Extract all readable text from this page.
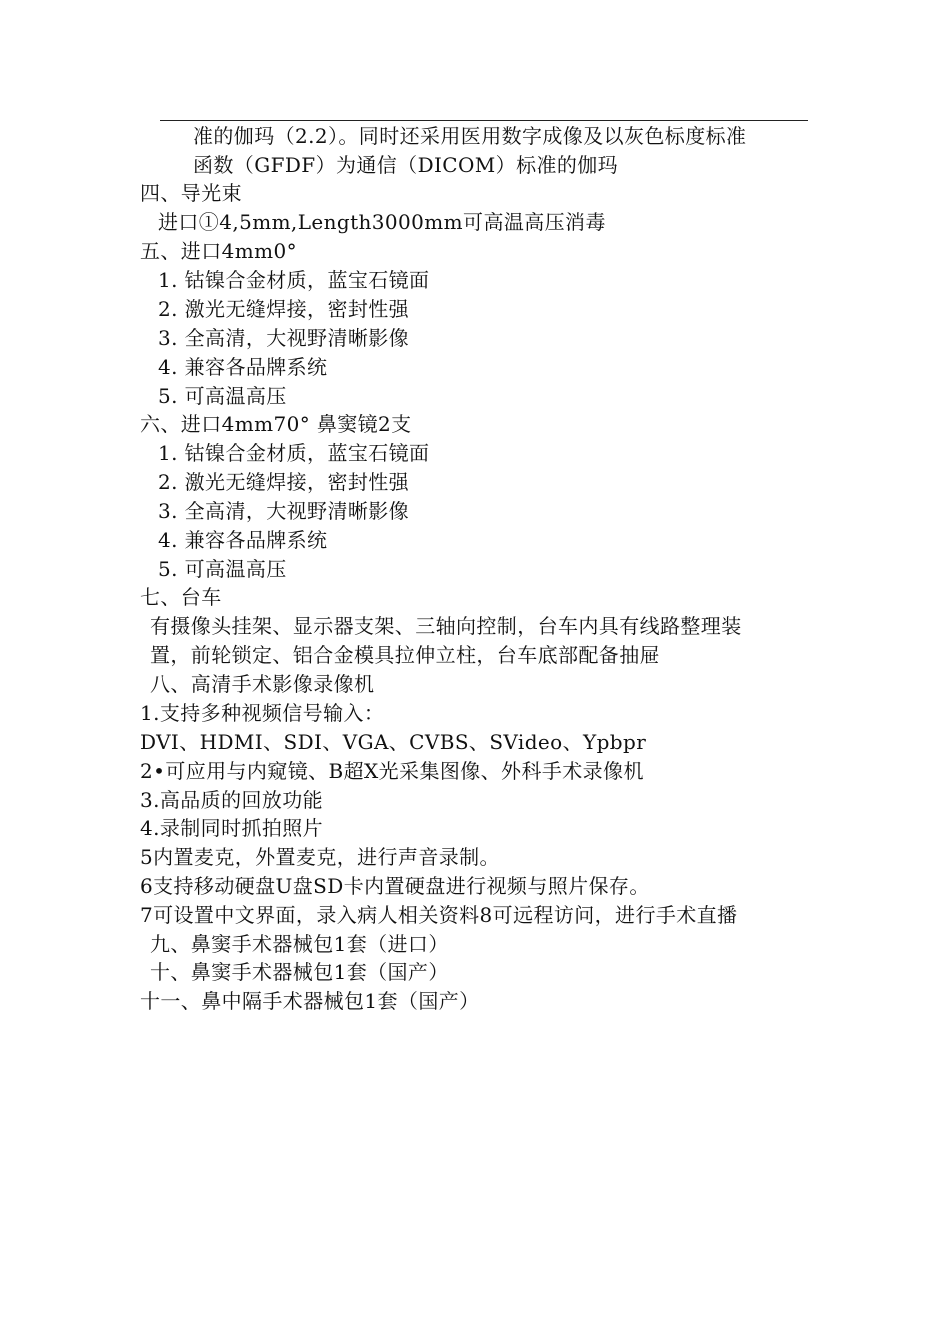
准的伽玛（2.2）。同时还采用医用数字成像及以灰色标度标准
函数（GFDF）为通信（DICOM）标准的伽玛
四、导光束
进口①4,5mm,Length3000mm可高温高压消毒
五、进口4mm0°
1. 钴镍合金材质，蓝宝石镜面
2. 激光无缝焊接，密封性强
3. 全高清，大视野清晰影像
4. 兼容各品牌系统
5. 可高温高压
六、进口4mm70° 鼻窦镜2支
1. 钴镍合金材质，蓝宝石镜面
2. 激光无缝焊接，密封性强
3. 全高清，大视野清晰影像
4. 兼容各品牌系统
5. 可高温高压
七、台车
有摄像头挂架、显示器支架、三轴向控制，台车内具有线路整理装
置，前轮锁定、铝合金模具拉伸立柱，台车底部配备抽屉
八、高清手术影像录像机
1.支持多种视频信号输入：
DVI、HDMI、SDI、VGA、CVBS、SVideo、Ypbpr
2•可应用与内窥镜、B超X光采集图像、外科手术录像机
3.高品质的回放功能
4.录制同时抓拍照片
5内置麦克，外置麦克，进行声音录制。
6支持移动硬盘U盘SD卡内置硬盘进行视频与照片保存。
7可设置中文界面，录入病人相关资料8可远程访问，进行手术直播
九、鼻窦手术器械包1套（进口）
十、鼻窦手术器械包1套（国产）
十一、鼻中隔手术器械包1套（国产）
